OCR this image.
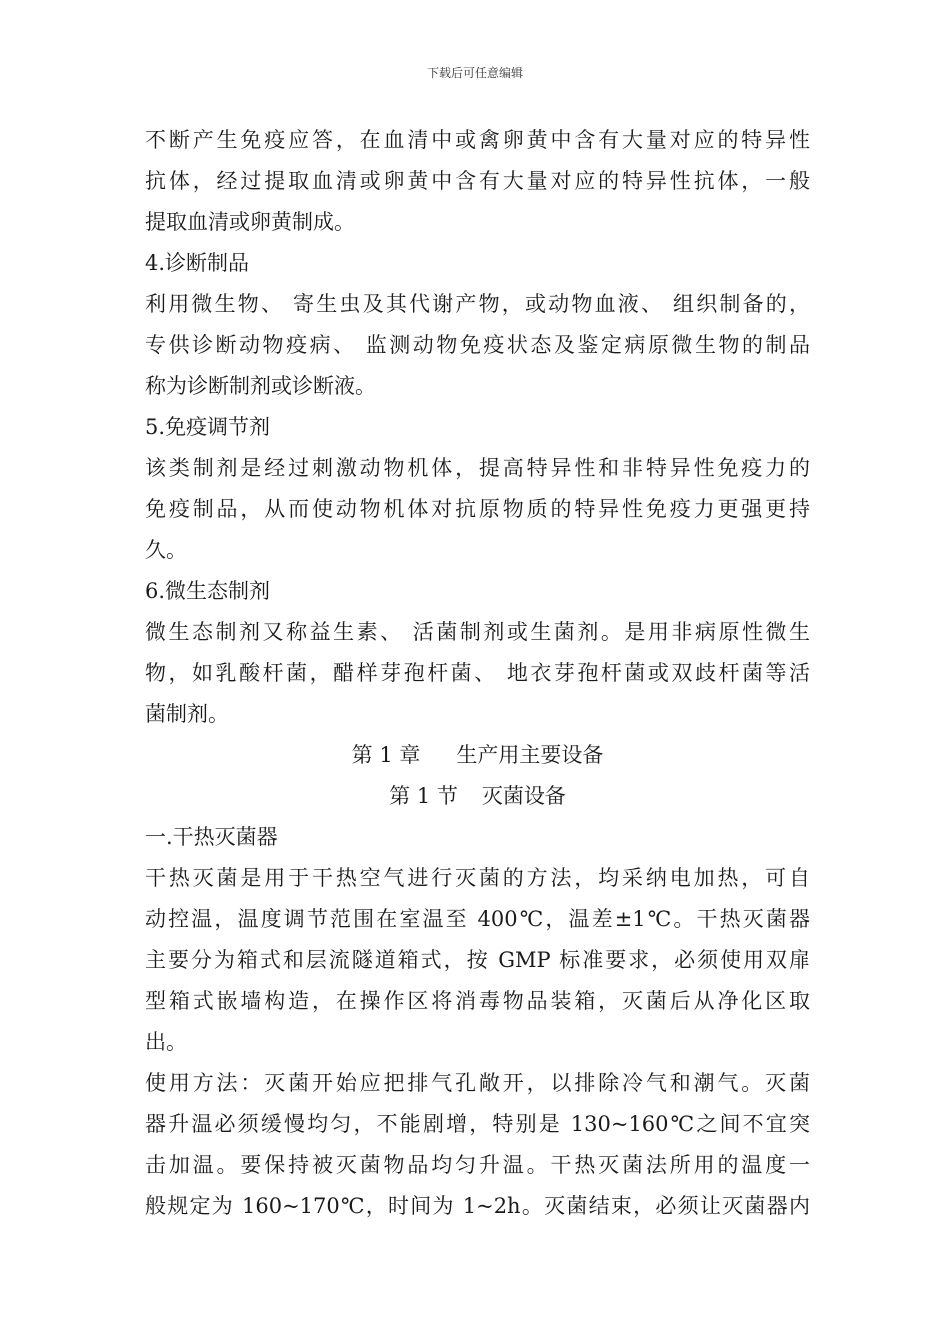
下载后可任意编辑
不断产生免疫应答，在血清中或禽卵黄中含有大量对应的特异性
抗体，经过提取血清或卵黄中含有大量对应的特异性抗体，一般
提取血清或卵黄制成。
4.诊断制品
利用微生物、 寄生虫及其代谢产物，或动物血液、 组织制备的，
专供诊断动物疫病、 监测动物免疫状态及鉴定病原微生物的制品
称为诊断制剂或诊断液。
5.免疫调节剂
该类制剂是经过刺激动物机体，提高特异性和非特异性免疫力的
免疫制品，从而使动物机体对抗原物质的特异性免疫力更强更持
久。
6.微生态制剂
微生态制剂又称益生素、 活菌制剂或生菌剂。是用非病原性微生
物，如乳酸杆菌，醋样芽孢杆菌、 地衣芽孢杆菌或双歧杆菌等活
菌制剂。
第 1 章 生产用主要设备
第 1 节 灭菌设备
一.干热灭菌器
干热灭菌是用于干热空气进行灭菌的方法，均采纳电加热，可自
动控温，温度调节范围在室温至 400℃，温差±1℃。干热灭菌器
主要分为箱式和层流隧道箱式，按 GMP 标准要求，必须使用双扉
型箱式嵌墙构造，在操作区将消毒物品装箱，灭菌后从净化区取
出。
使用方法：灭菌开始应把排气孔敞开，以排除冷气和潮气。灭菌
器升温必须缓慢均匀，不能剧增，特别是 130~160℃之间不宜突
击加温。要保持被灭菌物品均匀升温。干热灭菌法所用的温度一
般规定为 160~170℃，时间为 1~2h。灭菌结束，必须让灭菌器内
